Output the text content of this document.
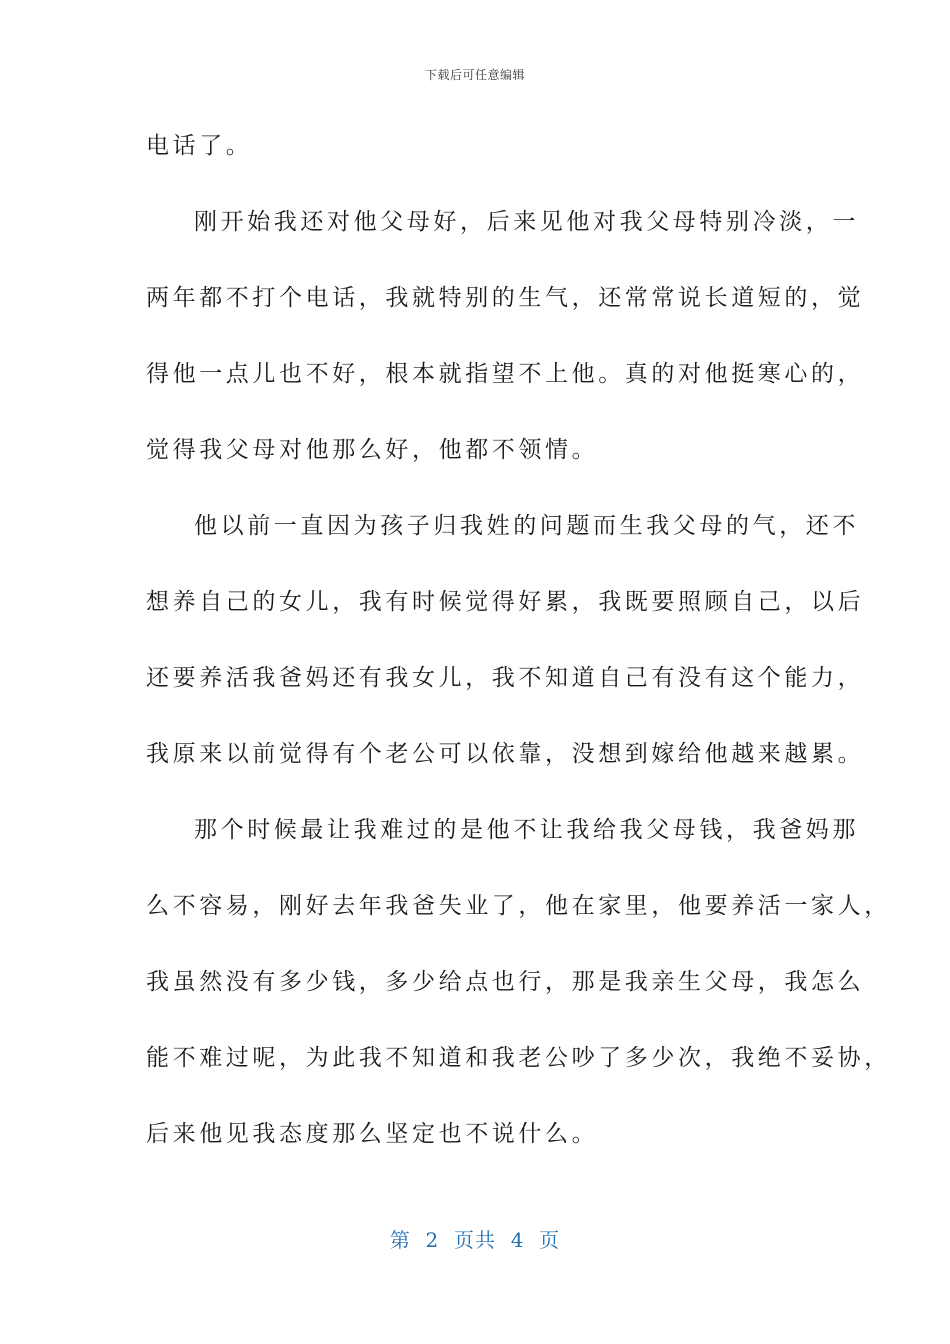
下载后可任意编辑
电话了。
刚开始我还对他父母好，后来见他对我父母特别冷淡，一
两年都不打个电话，我就特别的生气，还常常说长道短的，觉
得他一点儿也不好，根本就指望不上他。真的对他挺寒心的，
觉得我父母对他那么好，他都不领情。
他以前一直因为孩子归我姓的问题而生我父母的气，还不
想养自己的女儿，我有时候觉得好累，我既要照顾自己，以后
还要养活我爸妈还有我女儿，我不知道自己有没有这个能力，
我原来以前觉得有个老公可以依靠，没想到嫁给他越来越累。
那个时候最让我难过的是他不让我给我父母钱，我爸妈那
么不容易，刚好去年我爸失业了，他在家里，他要养活一家人，
我虽然没有多少钱，多少给点也行，那是我亲生父母，我怎么
能不难过呢，为此我不知道和我老公吵了多少次，我绝不妥协，
后来他见我态度那么坚定也不说什么。
第  2  页共  4  页
